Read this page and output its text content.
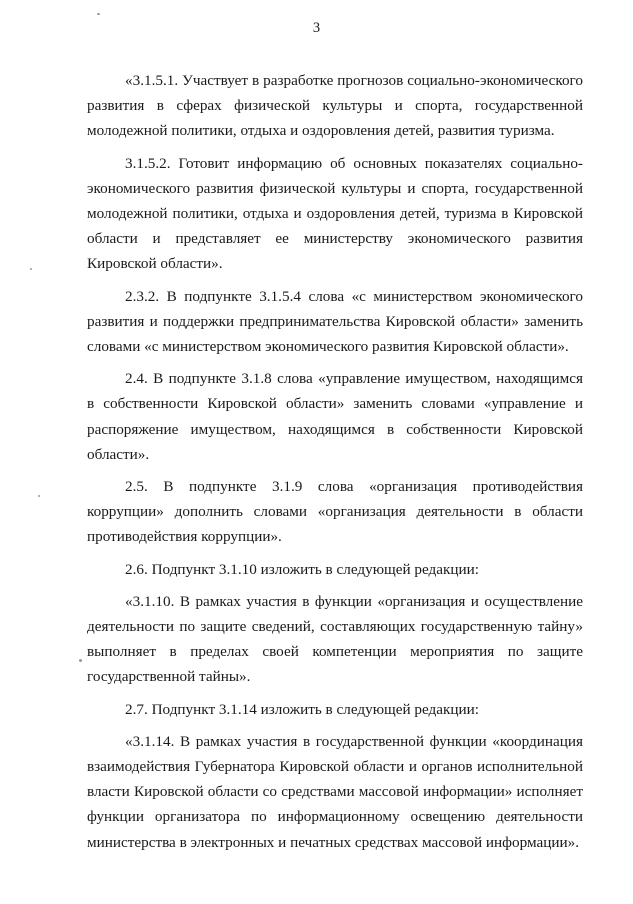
3

«3.1.5.1. Участвует в разработке прогнозов социально-экономического развития в сферах физической культуры и спорта, государственной молодежной политики, отдыха и оздоровления детей, развития туризма.

3.1.5.2. Готовит информацию об основных показателях социально-экономического развития физической культуры и спорта, государственной молодежной политики, отдыха и оздоровления детей, туризма в Кировской области и представляет ее министерству экономического развития Кировской области».

2.3.2. В подпункте 3.1.5.4 слова «с министерством экономического развития и поддержки предпринимательства Кировской области» заменить словами «с министерством экономического развития Кировской области».

2.4. В подпункте 3.1.8 слова «управление имуществом, находящимся в собственности Кировской области» заменить словами «управление и распоряжение имуществом, находящимся в собственности Кировской области».

2.5. В подпункте 3.1.9 слова «организация противодействия коррупции» дополнить словами «организация деятельности в области противодействия коррупции».

2.6. Подпункт 3.1.10 изложить в следующей редакции:

«3.1.10. В рамках участия в функции «организация и осуществление деятельности по защите сведений, составляющих государственную тайну» выполняет в пределах своей компетенции мероприятия по защите государственной тайны».

2.7. Подпункт 3.1.14 изложить в следующей редакции:

«3.1.14. В рамках участия в государственной функции «координация взаимодействия Губернатора Кировской области и органов исполнительной власти Кировской области со средствами массовой информации» исполняет функции организатора по информационному освещению деятельности министерства в электронных и печатных средствах массовой информации».
